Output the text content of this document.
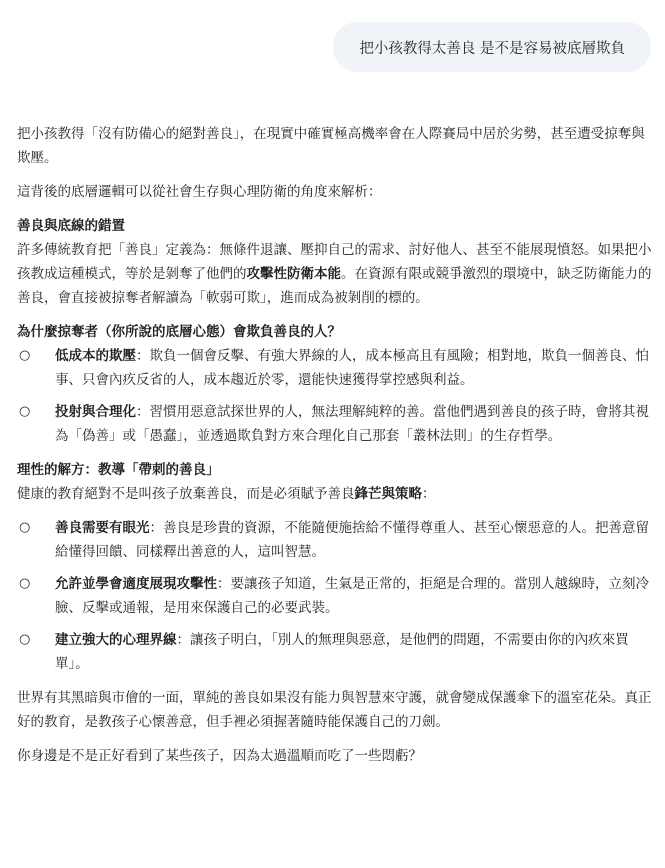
把小孩教得太善良 是不是容易被底層欺負

把小孩教得「沒有防備心的絕對善良」，在現實中確實極高機率會在人際賽局中居於劣勢，甚至遭受掠奪與欺壓。

這背後的底層邏輯可以從社會生存與心理防衛的角度來解析：

善良與底線的錯置

許多傳統教育把「善良」定義為：無條件退讓、壓抑自己的需求、討好他人、甚至不能展現憤怒。如果把小孩教成這種模式，等於是剝奪了他們的攻擊性防衛本能。在資源有限或競爭激烈的環境中，缺乏防衛能力的善良，會直接被掠奪者解讀為「軟弱可欺」，進而成為被剝削的標的。

為什麼掠奪者（你所說的底層心態）會欺負善良的人？

○ 低成本的欺壓：欺負一個會反擊、有強大界線的人，成本極高且有風險；相對地，欺負一個善良、怕事、只會內疚反省的人，成本趨近於零，還能快速獲得掌控感與利益。
○ 投射與合理化：習慣用惡意試探世界的人，無法理解純粹的善。當他們遇到善良的孩子時，會將其視為「偽善」或「愚蠢」，並透過欺負對方來合理化自己那套「叢林法則」的生存哲學。

理性的解方：教導「帶刺的善良」

健康的教育絕對不是叫孩子放棄善良，而是必須賦予善良鋒芒與策略：

○ 善良需要有眼光：善良是珍貴的資源，不能隨便施捨給不懂得尊重人、甚至心懷惡意的人。把善意留給懂得回饋、同樣釋出善意的人，這叫智慧。
○ 允許並學會適度展現攻擊性：要讓孩子知道，生氣是正常的，拒絕是合理的。當別人越線時，立刻冷臉、反擊或通報，是用來保護自己的必要武裝。
○ 建立強大的心理界線：讓孩子明白，「別人的無理與惡意，是他們的問題，不需要由你的內疚來買單」。

世界有其黑暗與市儈的一面，單純的善良如果沒有能力與智慧來守護，就會變成保護傘下的溫室花朵。真正好的教育，是教孩子心懷善意，但手裡必須握著隨時能保護自己的刀劍。

你身邊是不是正好看到了某些孩子，因為太過溫順而吃了一些悶虧？
